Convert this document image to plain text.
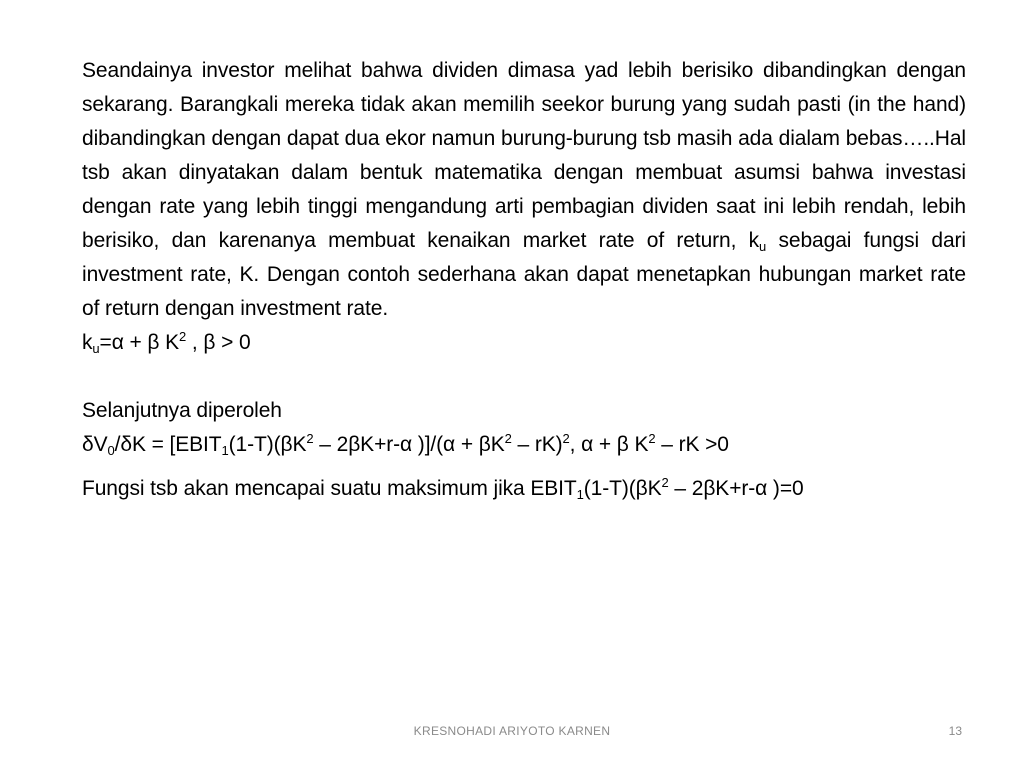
Seandainya investor melihat bahwa dividen dimasa yad lebih berisiko dibandingkan dengan sekarang. Barangkali mereka tidak akan memilih seekor burung yang sudah pasti (in the hand) dibandingkan dengan dapat dua ekor namun burung-burung tsb masih ada dialam bebas…..Hal tsb akan dinyatakan dalam bentuk matematika dengan membuat asumsi bahwa investasi dengan rate yang lebih tinggi mengandung arti pembagian dividen saat ini lebih rendah, lebih berisiko, dan karenanya membuat kenaikan market rate of return, $k_u$ sebagai fungsi dari investment rate, K. Dengan contoh sederhana akan dapat menetapkan hubungan market rate of return dengan investment rate.

$k_u=\alpha + \beta$ $K^2$ , β > 0

Selanjutnya diperoleh

$\delta V_0/\delta K$ = [$EBIT_1(1-T)(\beta K^2 - 2\beta K+r-\alpha$ )]$/(\alpha + \beta K^2 - rK)^2$, α + β $K^2$ – rK >0

Fungsi tsb akan mencapai suatu maksimum jika $EBIT_1(1-T)(\beta K^2 - 2\beta K+r-\alpha$ )=0

KRESNOHADI ARIYOTO KARNEN	13
